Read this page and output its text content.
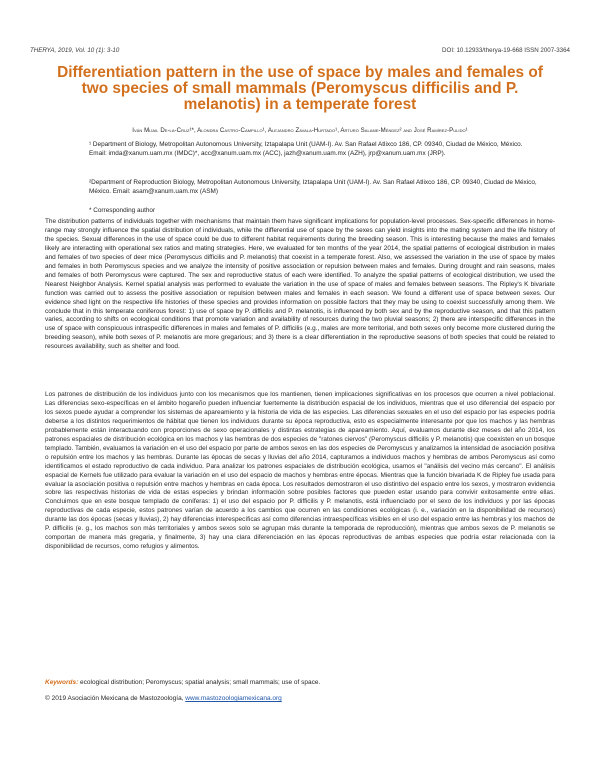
THERYA, 2019, Vol. 10 (1): 3-10	DOI: 10.12933/therya-19-668 ISSN 2007-3364
Differentiation pattern in the use of space by males and females of two species of small mammals (Peromyscus difficilis and P. melanotis) in a temperate forest
Iván Mijail De-la-Cruz¹*, Alondra Castro-Campillo¹, Alejandro Zavala-Hurtado¹, Arturo Salame-Méndez² and José Ramírez-Pulido¹
¹ Department of Biology, Metropolitan Autonomous University, Iztapalapa Unit (UAM-I). Av. San Rafael Atlixco 186, CP. 09340, Ciudad de México, México. Email: imda@xanum.uam.mx (IMDC)*, acc@xanum.uam.mx (ACC), jazh@xanum.uam.mx (AZH), jrp@xanum.uam.mx (JRP).
²Department of Reproduction Biology, Metropolitan Autonomous University, Iztapalapa Unit (UAM-I). Av. San Rafael Atlixco 186, CP. 09340, Ciudad de México, México. Email: asam@xanum.uam.mx (ASM)
* Corresponding author

The distribution patterns of individuals together with mechanisms that maintain them have significant implications for population-level processes. Sex-specific differences in home-range may strongly influence the spatial distribution of individuals, while the differential use of space by the sexes can yield insights into the mating system and the life history of the species. Sexual differences in the use of space could be due to different habitat requirements during the breeding season. This is interesting because the males and females likely are interacting with operational sex ratios and mating strategies. Here, we evaluated for ten months of the year 2014, the spatial patterns of ecological distribution in males and females of two species of deer mice (Peromyscus difficilis and P. melanotis) that coexist in a temperate forest. Also, we assessed the variation in the use of space by males and females in both Peromyscus species and we analyze the intensity of positive association or repulsion between males and females. During drought and rain seasons, males and females of both Peromyscus were captured. The sex and reproductive status of each were identified. To analyze the spatial patterns of ecological distribution, we used the Nearest Neighbor Analysis. Kernel spatial analysis was performed to evaluate the variation in the use of space of males and females between seasons. The Ripley's K bivariate function was carried out to assess the positive association or repulsion between males and females in each season. We found a different use of space between sexes. Our evidence shed light on the respective life histories of these species and provides information on possible factors that they may be using to coexist successfully among them. We conclude that in this temperate coniferous forest: 1) use of space by P. difficilis and P. melanotis, is influenced by both sex and by the reproductive season, and that this pattern varies, according to shifts on ecological conditions that promote variation and availability of resources during the two pluvial seasons; 2) there are interspecific differences in the use of space with conspicuous intraspecific differences in males and females of P. difficilis (e.g., males are more territorial, and both sexes only become more clustered during the breeding season), while both sexes of P. melanotis are more gregarious; and 3) there is a clear differentiation in the reproductive seasons of both species that could be related to resources availability, such as shelter and food.

Los patrones de distribución de los individuos junto con los mecanismos que los mantienen, tienen implicaciones significativas en los procesos que ocurren a nivel poblacional. Las diferencias sexo-específicas en el ámbito hogareño pueden influenciar fuertemente la distribución espacial de los individuos, mientras que el uso diferencial del espacio por los sexos puede ayudar a comprender los sistemas de apareamiento y la historia de vida de las especies. Las diferencias sexuales en el uso del espacio por las especies podría deberse a los distintos requerimientos de hábitat que tienen los individuos durante su época reproductiva, esto es especialmente interesante por que los machos y las hembras probablemente están interactuando con proporciones de sexo operacionales y distintas estrategias de apareamiento. Aquí, evaluamos durante diez meses del año 2014, los patrones espaciales de distribución ecológica en los machos y las hembras de dos especies de "ratones ciervos" (Peromyscus difficilis y P. melanotis) que coexisten en un bosque templado. También, evaluamos la variación en el uso del espacio por parte de ambos sexos en las dos especies de Peromyscus y analizamos la intensidad de asociación positiva o repulsión entre los machos y las hembras. Durante las épocas de secas y lluvias del año 2014, capturamos a individuos machos y hembras de ambos Peromyscus así como identificamos el estado reproductivo de cada individuo. Para analizar los patrones espaciales de distribución ecológica, usamos el "análisis del vecino más cercano". El análisis espacial de Kernels fue utilizado para evaluar la variación en el uso del espacio de machos y hembras entre épocas. Mientras que la función bivariada K de Ripley fue usada para evaluar la asociación positiva o repulsión entre machos y hembras en cada época. Los resultados demostraron el uso distintivo del espacio entre los sexos, y mostraron evidencia sobre las respectivas historias de vida de estas especies y brindan información sobre posibles factores que pueden estar usando para convivir exitosamente entre ellas. Concluimos que en este bosque templado de coníferas: 1) el uso del espacio por P. difficilis y P. melanotis, está influenciado por el sexo de los individuos y por las épocas reproductivas de cada especie, estos patrones varían de acuerdo a los cambios que ocurren en las condiciones ecológicas (i. e., variación en la disponibilidad de recursos) durante las dos épocas (secas y lluvias), 2) hay diferencias interespecíficas así como diferencias intraespecíficas visibles en el uso del espacio entre las hembras y los machos de P. difficilis (e. g., los machos son más territoriales y ambos sexos solo se agrupan más durante la temporada de reproducción), mientras que ambos sexos de P. melanotis se comportan de manera más gregaria, y finalmente, 3) hay una clara diferenciación en las épocas reproductivas de ambas especies que podría estar relacionada con la disponibilidad de recursos, como refugios y alimentos.

Keywords: ecological distribution; Peromyscus; spatial analysis; small mammals; use of space.
© 2019 Asociación Mexicana de Mastozoología, www.mastozoologiamexicana.org
